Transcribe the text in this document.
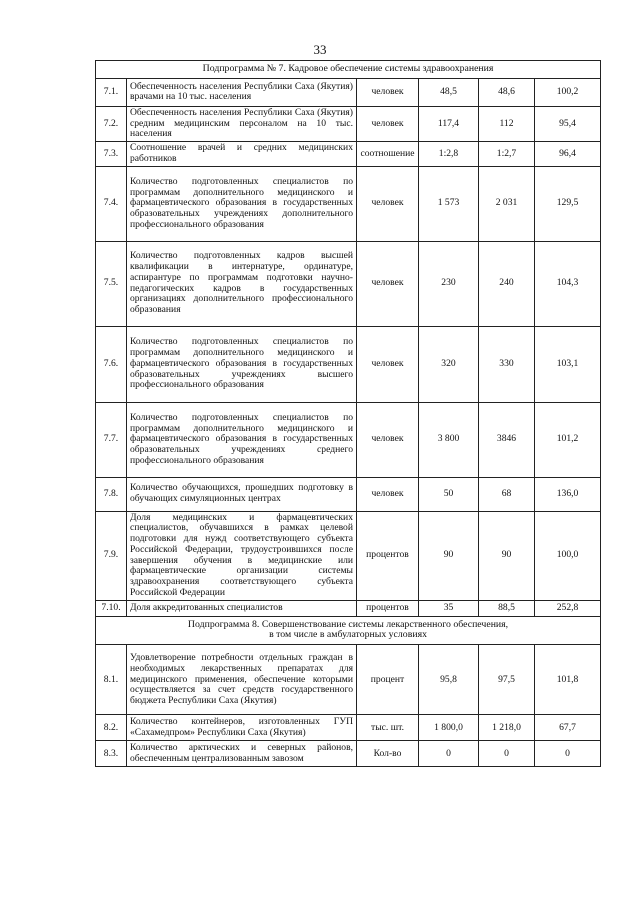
33
Подпрограмма № 7. Кадровое обеспечение системы здравоохранения					
7.1.	Обеспеченность населения Республики Саха (Якутия) врачами на 10 тыс. населения	человек	48,5	48,6	100,2
7.2.	Обеспеченность населения Республики Саха (Якутия) средним медицинским персоналом на 10 тыс. населения	человек	117,4	112	95,4
7.3.	Соотношение врачей и средних медицинских работников	соотношение	1:2,8	1:2,7	96,4
7.4.	Количество подготовленных специалистов по программам дополнительного медицинского и фармацевтического образования в государственных образовательных учреждениях дополнительного профессионального образования	человек	1 573	2 031	129,5
7.5.	Количество подготовленных кадров высшей квалификации в интернатуре, ординатуре, аспирантуре по программам подготовки научно-педагогических кадров в государственных организациях дополнительного профессионального образования	человек	230	240	104,3
7.6.	Количество подготовленных специалистов по программам дополнительного медицинского и фармацевтического образования в государственных образовательных учреждениях высшего профессионального образования	человек	320	330	103,1
7.7.	Количество подготовленных специалистов по программам дополнительного медицинского и фармацевтического образования в государственных образовательных учреждениях среднего профессионального образования	человек	3 800	3846	101,2
7.8.	Количество обучающихся, прошедших подготовку в обучающих симуляционных центрах	человек	50	68	136,0
7.9.	Доля медицинских и фармацевтических специалистов, обучавшихся в рамках целевой подготовки для нужд соответствующего субъекта Российской Федерации, трудоустроившихся после завершения обучения в медицинские или фармацевтические организации системы здравоохранения соответствующего субъекта Российской Федерации	процентов	90	90	100,0
7.10.	Доля аккредитованных специалистов	процентов	35	88,5	252,8

Подпрограмма 8. Совершенствование системы лекарственного обеспечения,
в том числе в амбулаторных условиях					

8.1.	Удовлетворение потребности отдельных граждан в необходимых лекарственных препаратах для медицинского применения, обеспечение которыми осуществляется за счет средств государственного бюджета Республики Саха (Якутия)	процент	95,8	97,5	101,8
8.2.	Количество контейнеров, изготовленных ГУП «Сахамедпром» Республики Саха (Якутия)	тыс. шт.	1 800,0	1 218,0	67,7
8.3.	Количество арктических и северных районов, обеспеченным централизованным завозом	Кол-во	0	0	0
